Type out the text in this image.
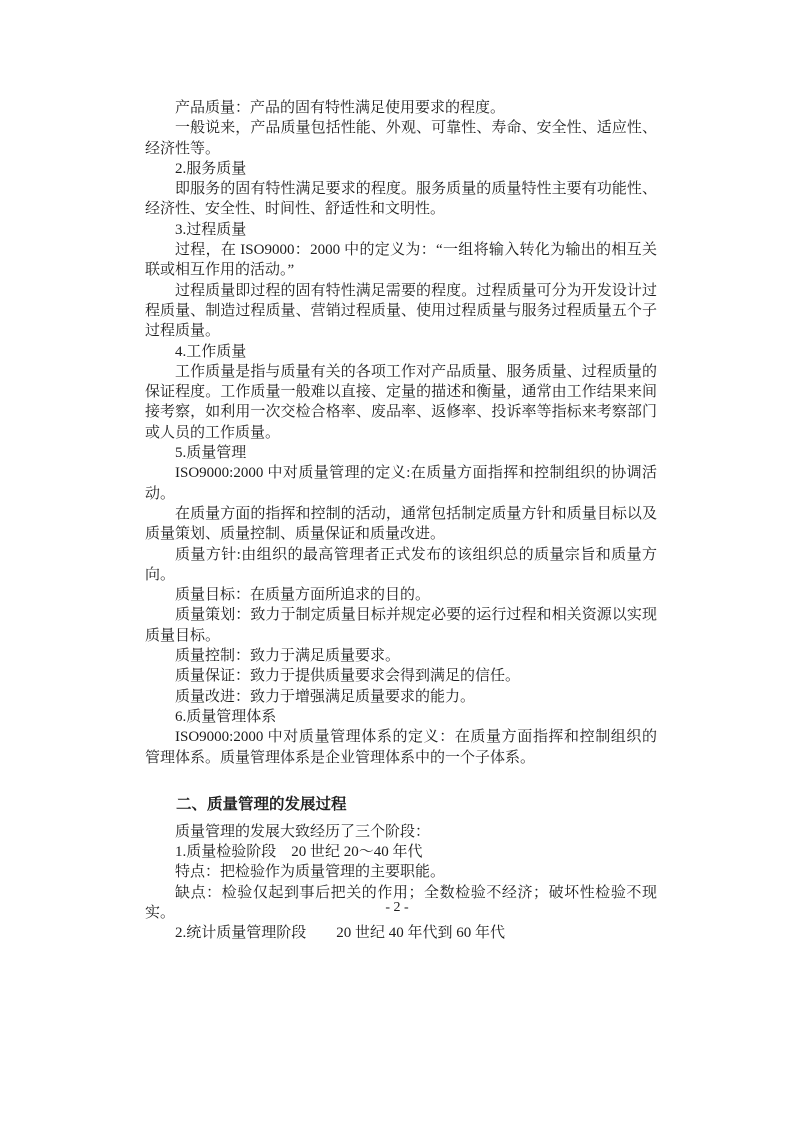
产品质量：产品的固有特性满足使用要求的程度。

一般说来，产品质量包括性能、外观、可靠性、寿命、安全性、适应性、经济性等。

2.服务质量

即服务的固有特性满足要求的程度。服务质量的质量特性主要有功能性、经济性、安全性、时间性、舒适性和文明性。

3.过程质量

过程，在 ISO9000：2000 中的定义为：“一组将输入转化为输出的相互关联或相互作用的活动。”

过程质量即过程的固有特性满足需要的程度。过程质量可分为开发设计过程质量、制造过程质量、营销过程质量、使用过程质量与服务过程质量五个子过程质量。

4.工作质量

工作质量是指与质量有关的各项工作对产品质量、服务质量、过程质量的保证程度。工作质量一般难以直接、定量的描述和衡量，通常由工作结果来间接考察，如利用一次交检合格率、废品率、返修率、投诉率等指标来考察部门或人员的工作质量。

5.质量管理

ISO9000:2000 中对质量管理的定义:在质量方面指挥和控制组织的协调活动。

在质量方面的指挥和控制的活动，通常包括制定质量方针和质量目标以及质量策划、质量控制、质量保证和质量改进。

质量方针:由组织的最高管理者正式发布的该组织总的质量宗旨和质量方向。

质量目标：在质量方面所追求的目的。

质量策划：致力于制定质量目标并规定必要的运行过程和相关资源以实现质量目标。

质量控制：致力于满足质量要求。

质量保证：致力于提供质量要求会得到满足的信任。

质量改进：致力于增强满足质量要求的能力。

6.质量管理体系

ISO9000:2000 中对质量管理体系的定义：在质量方面指挥和控制组织的管理体系。质量管理体系是企业管理体系中的一个子体系。

二、质量管理的发展过程

质量管理的发展大致经历了三个阶段：

1.质量检验阶段　20 世纪 20～40 年代

特点：把检验作为质量管理的主要职能。

缺点：检验仅起到事后把关的作用；全数检验不经济；破坏性检验不现实。

2.统计质量管理阶段　　20 世纪 40 年代到 60 年代

- 2 -
